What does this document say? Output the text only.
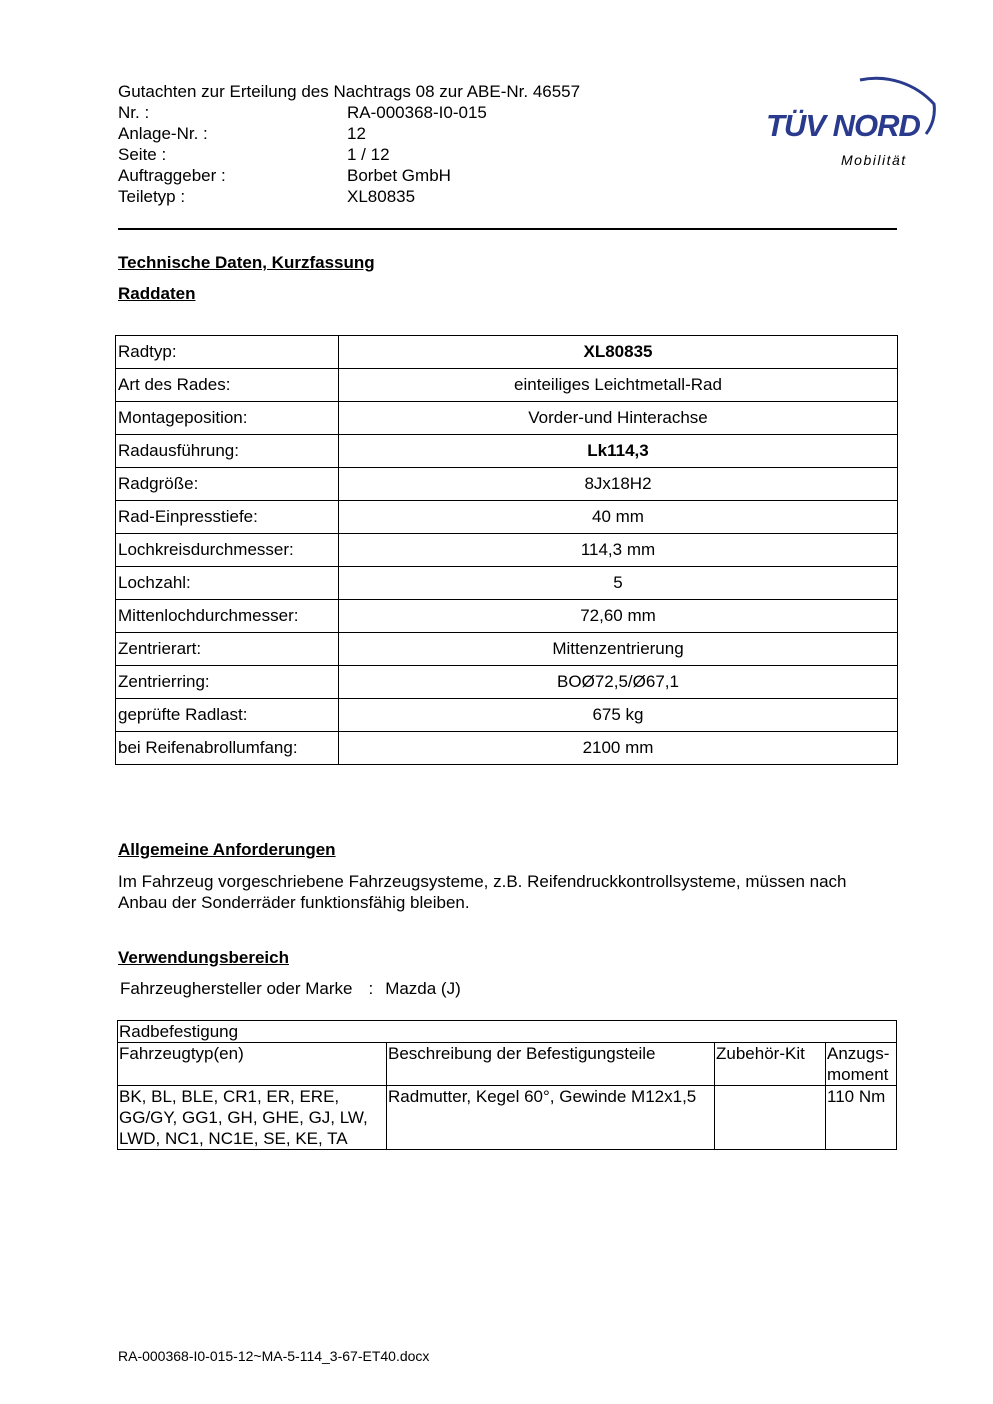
Gutachten zur Erteilung des Nachtrags 08 zur ABE-Nr. 46557
Nr. :	RA-000368-I0-015
Anlage-Nr. :	12
Seite :	1 / 12
Auftraggeber :	Borbet GmbH
Teiletyp :	XL80835
TÜV NORD
Mobilität
Technische Daten, Kurzfassung
Raddaten
Radtyp:	XL80835
Art des Rades:	einteiliges Leichtmetall-Rad
Montageposition:	Vorder-und Hinterachse
Radausführung:	Lk114,3
Radgröße:	8Jx18H2
Rad-Einpresstiefe:	40 mm
Lochkreisdurchmesser:	114,3 mm
Lochzahl:	5
Mittenlochdurchmesser:	72,60 mm
Zentrierart:	Mittenzentrierung
Zentrierring:	BOØ72,5/Ø67,1
geprüfte Radlast:	675 kg
bei Reifenabrollumfang:	2100 mm
Allgemeine Anforderungen
Im Fahrzeug vorgeschriebene Fahrzeugsysteme, z.B. Reifendruckkontrollsysteme, müssen nach Anbau der Sonderräder funktionsfähig bleiben.
Verwendungsbereich
Fahrzeughersteller oder Marke : Mazda (J)
Radbefestigung			
Fahrzeugtyp(en)	Beschreibung der Befestigungsteile	Zubehör-Kit	Anzugs-
moment
BK, BL, BLE, CR1, ER, ERE, GG/GY, GG1, GH, GHE, GJ, LW, LWD, NC1, NC1E, SE, KE, TA	Radmutter, Kegel 60°, Gewinde M12x1,5		110 Nm
RA-000368-I0-015-12~MA-5-114_3-67-ET40.docx
